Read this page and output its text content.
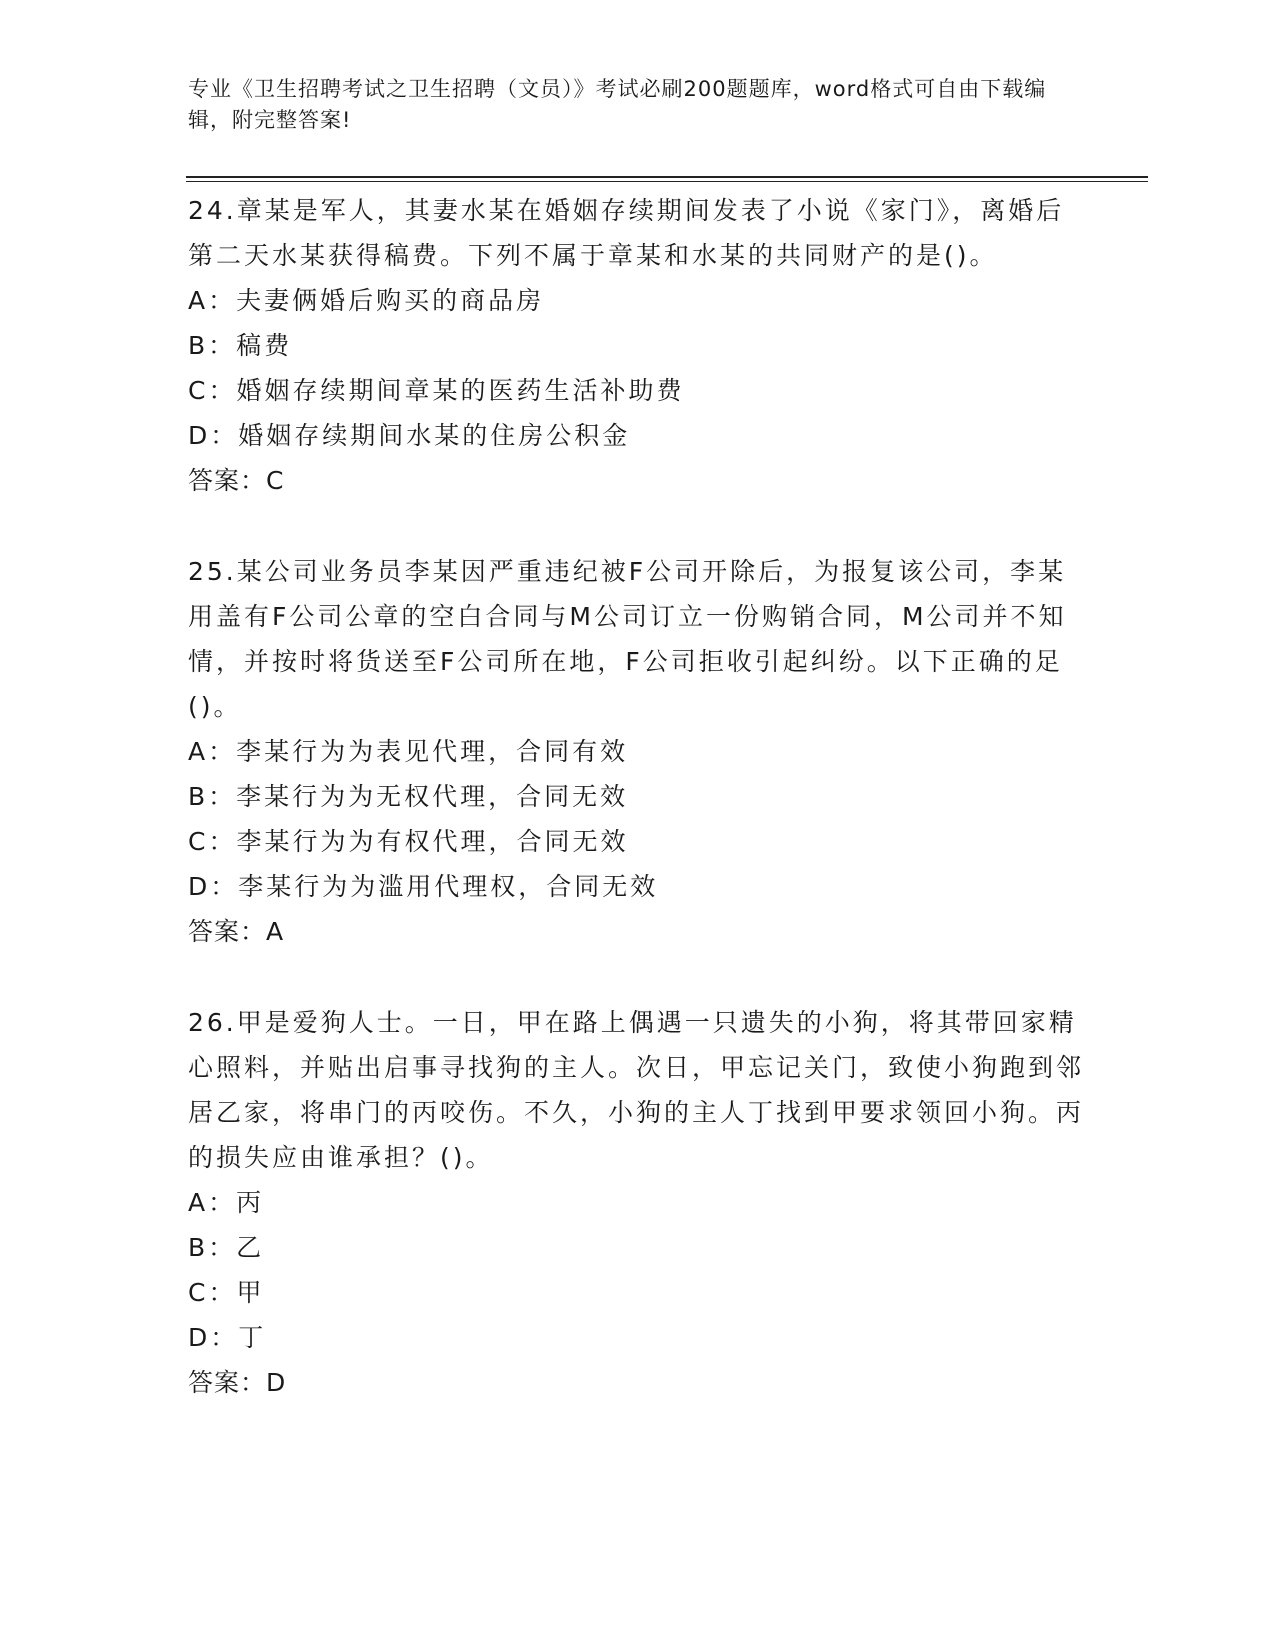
专业《卫生招聘考试之卫生招聘（文员）》考试必刷200题题库，word格式可自由下载编辑，附完整答案!

24.章某是军人，其妻水某在婚姻存续期间发表了小说《家门》，离婚后第二天水某获得稿费。下列不属于章某和水某的共同财产的是()。

A：夫妻俩婚后购买的商品房

B：稿费

C：婚姻存续期间章某的医药生活补助费

D：婚姻存续期间水某的住房公积金

答案：C

25.某公司业务员李某因严重违纪被F公司开除后，为报复该公司，李某用盖有F公司公章的空白合同与M公司订立一份购销合同，M公司并不知情，并按时将货送至F公司所在地，F公司拒收引起纠纷。以下正确的足()。

A：李某行为为表见代理，合同有效

B：李某行为为无权代理，合同无效

C：李某行为为有权代理，合同无效

D：李某行为为滥用代理权，合同无效

答案：A

26.甲是爱狗人士。一日，甲在路上偶遇一只遗失的小狗，将其带回家精心照料，并贴出启事寻找狗的主人。次日，甲忘记关门，致使小狗跑到邻居乙家，将串门的丙咬伤。不久，小狗的主人丁找到甲要求领回小狗。丙的损失应由谁承担？()。

A：丙

B：乙

C：甲

D：丁

答案：D
